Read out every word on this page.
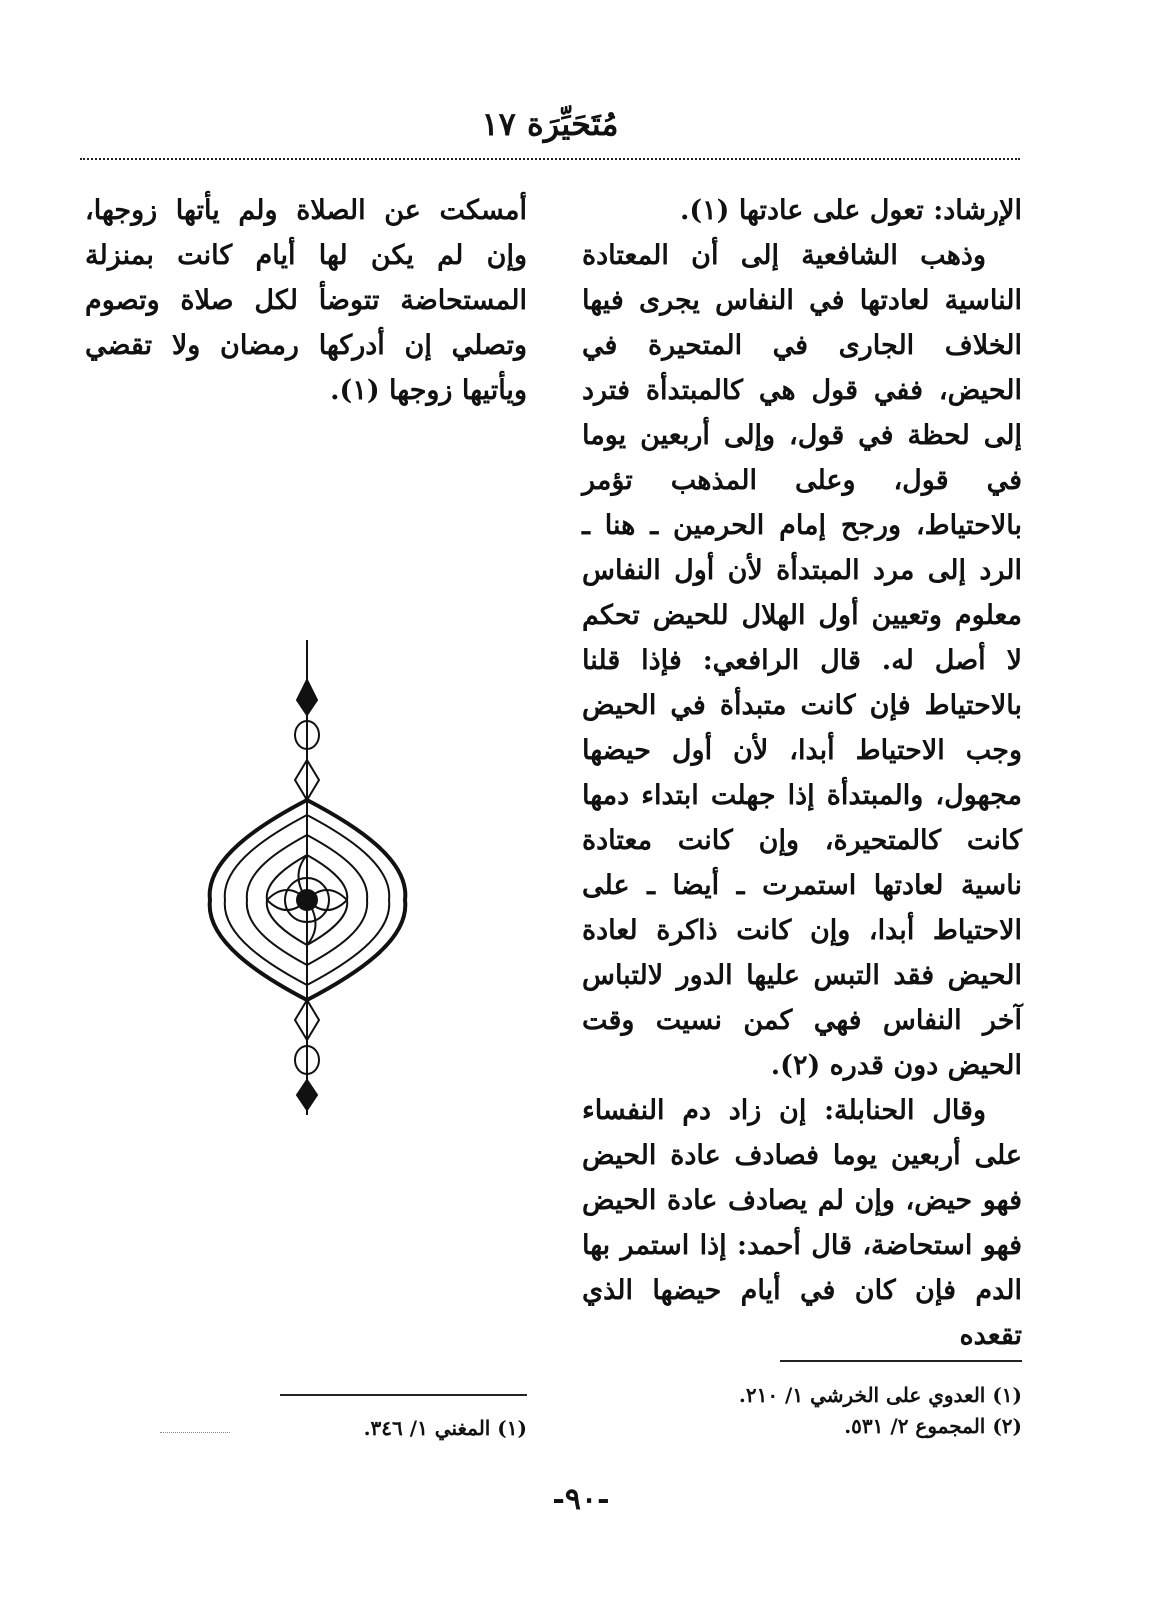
مُتَحَيِّرَة ١٧

الإرشاد: تعول على عادتها (١).

وذهب الشافعية إلى أن المعتادة الناسية لعادتها في النفاس يجرى فيها الخلاف الجارى في المتحيرة في الحيض، ففي قول هي كالمبتدأة فترد إلى لحظة في قول، وإلى أربعين يوما في قول، وعلى المذهب تؤمر بالاحتياط، ورجح إمام الحرمين ـ هنا ـ الرد إلى مرد المبتدأة لأن أول النفاس معلوم وتعيين أول الهلال للحيض تحكم لا أصل له. قال الرافعي: فإذا قلنا بالاحتياط فإن كانت متبدأة في الحيض وجب الاحتياط أبدا، لأن أول حيضها مجهول، والمبتدأة إذا جهلت ابتداء دمها كانت كالمتحيرة، وإن كانت معتادة ناسية لعادتها استمرت ـ أيضا ـ على الاحتياط أبدا، وإن كانت ذاكرة لعادة الحيض فقد التبس عليها الدور لالتباس آخر النفاس فهي كمن نسيت وقت الحيض دون قدره (٢).

وقال الحنابلة: إن زاد دم النفساء على أربعين يوما فصادف عادة الحيض فهو حيض، وإن لم يصادف عادة الحيض فهو استحاضة، قال أحمد: إذا استمر بها الدم فإن كان في أيام حيضها الذي تقعده

أمسكت عن الصلاة ولم يأتها زوجها، وإن لم يكن لها أيام كانت بمنزلة المستحاضة تتوضأ لكل صلاة وتصوم وتصلي إن أدركها رمضان ولا تقضي ويأتيها زوجها (١).

(١) العدوي على الخرشي ١/ ٢١٠.

(٢) المجموع ٢/ ٥٣١.

(١) المغني ١/ ٣٤٦.

-٩٠-
